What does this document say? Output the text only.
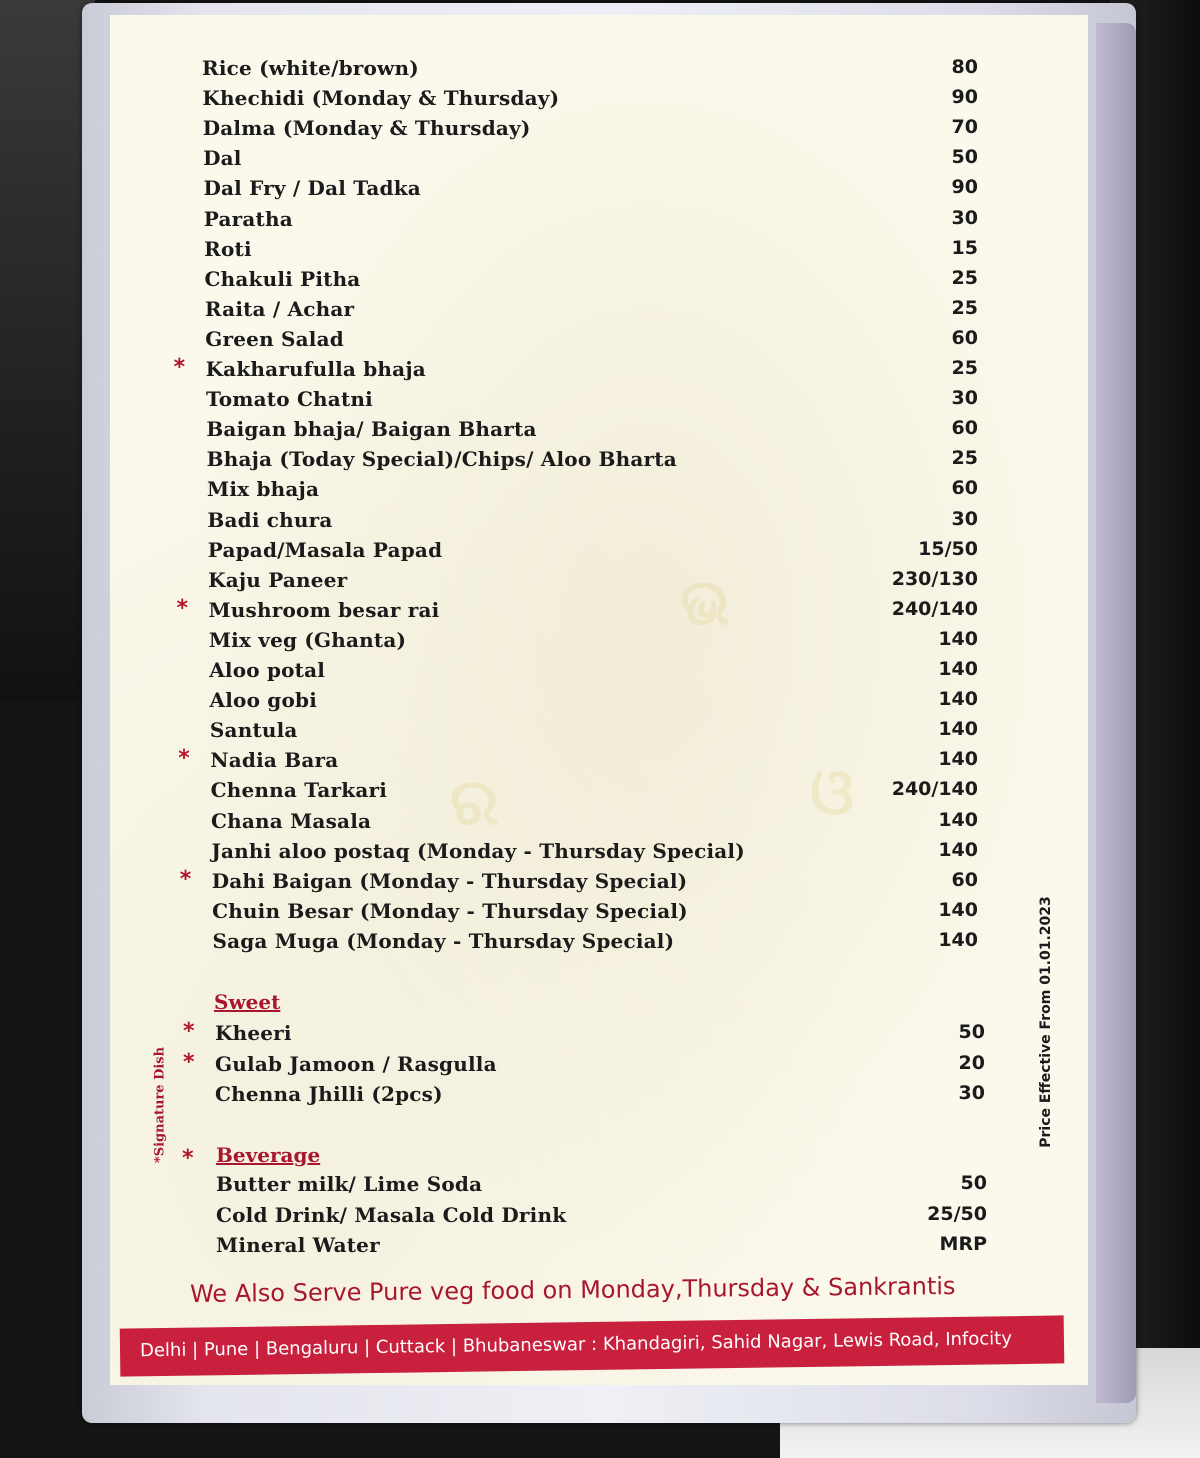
ଭ
ର	ଓ
Rice (white/brown)	80
Khechidi (Monday & Thursday)	90
Dalma (Monday & Thursday)	70
Dal	50
Dal Fry / Dal Tadka	90
Paratha	30
Roti	15
Chakuli Pitha	25
Raita / Achar	25
Green Salad	60
* Kakharufulla bhaja	25
Tomato Chatni	30
Baigan bhaja/ Baigan Bharta	60
Bhaja (Today Special)/Chips/ Aloo Bharta	25
Mix bhaja	60
Badi chura	30
Papad/Masala Papad	15/50
Kaju Paneer	230/130
* Mushroom besar rai	240/140
Mix veg (Ghanta)	140
Aloo potal	140
Aloo gobi	140
Santula	140
* Nadia Bara	140
Chenna Tarkari	240/140
Chana Masala	140
Janhi aloo postaq (Monday - Thursday Special)	140
* Dahi Baigan (Monday - Thursday Special)	60
Chuin Besar (Monday - Thursday Special)	140
Saga Muga (Monday - Thursday Special)	140
Sweet
* Kheeri	50
* Gulab Jamoon / Rasgulla	20
Chenna Jhilli (2pcs)	30
Beverage
*
Butter milk/ Lime Soda	50
Cold Drink/ Masala Cold Drink	25/50
Mineral Water	MRP
*Signature Dish	Price Effective From 01.01.2023
We Also Serve Pure veg food on Monday,Thursday & Sankrantis
Delhi | Pune | Bengaluru | Cuttack | Bhubaneswar : Khandagiri, Sahid Nagar, Lewis Road, Infocity
